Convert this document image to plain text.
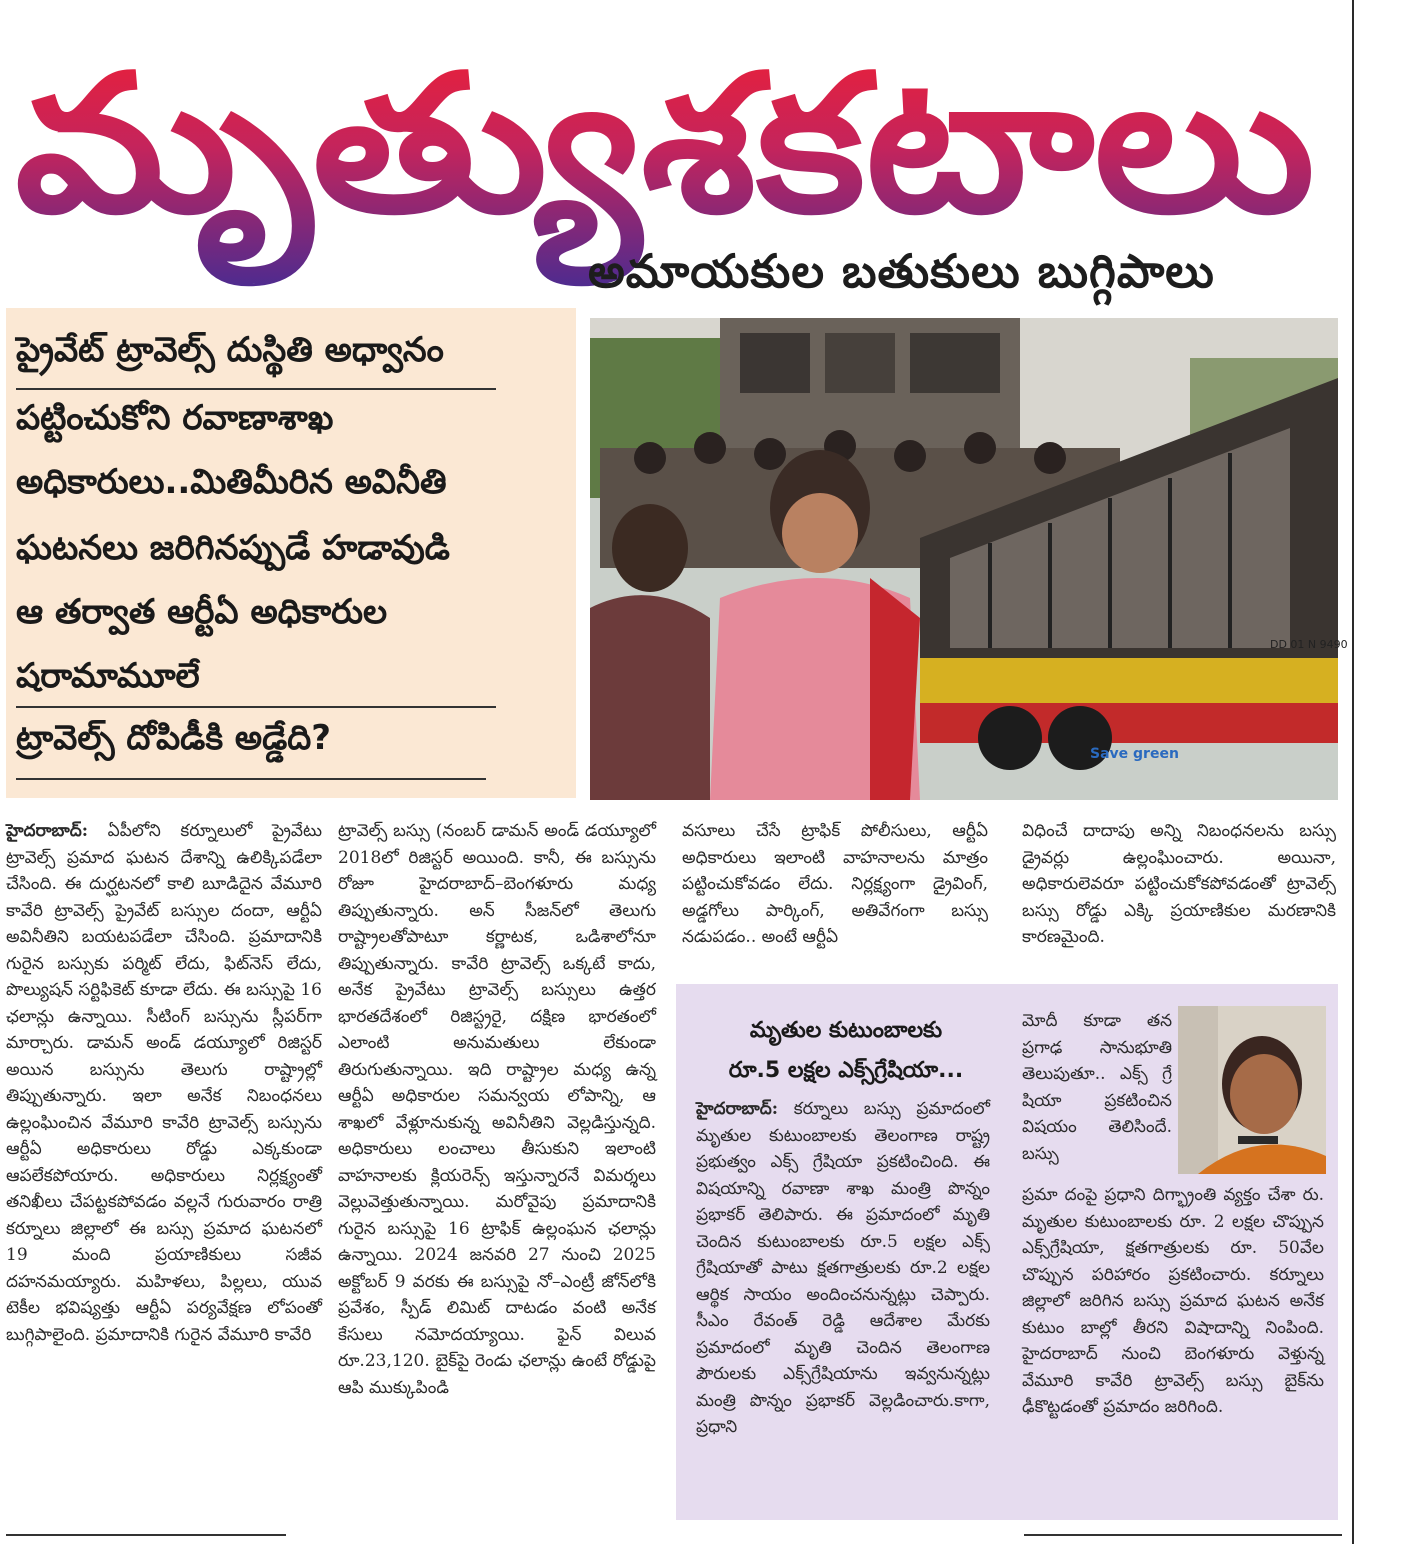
మృత్యుశకటాలు
అమాయకుల బతుకులు బుగ్గిపాలు
ప్రైవేట్ ట్రావెల్స్ దుస్థితి అధ్వానం
పట్టించుకోని రవాణాశాఖ
అధికారులు..మితిమీరిన అవినీతి
ఘటనలు జరిగినప్పుడే హడావుడి
ఆ తర్వాత ఆర్టీఏ అధికారుల
షరామామూలే
ట్రావెల్స్ దోపిడీకి అడ్డేది?	Save green
DD 01 N 9490

హైదరాబాద్: ఏపీలోని కర్నూలులో ప్రైవేటు ట్రావెల్స్ ప్రమాద ఘటన దేశాన్ని ఉలిక్కిపడేలా చేసింది. ఈ దుర్ఘటనలో కాలి బూడిదైన వేమూరి కావేరి ట్రావెల్స్ ప్రైవేట్ బస్సుల దందా, ఆర్టీఏ అవినీతిని బయటపడేలా చేసింది. ప్రమాదానికి గురైన బస్సుకు పర్మిట్ లేదు, ఫిట్‌నెస్ లేదు, పొల్యుషన్ సర్టిఫికెట్ కూడా లేదు. ఈ బస్సుపై 16 ఛలాన్లు ఉన్నాయి. సీటింగ్ బస్సును స్లీపర్‌గా మార్చారు. డామన్ అండ్ డయ్యూలో రిజిస్టర్ అయిన బస్సును తెలుగు రాష్ట్రాల్లో తిప్పుతున్నారు. ఇలా అనేక నిబంధనలు ఉల్లంఘించిన వేమూరి కావేరి ట్రావెల్స్ బస్సును ఆర్టీఏ అధికారులు రోడ్డు ఎక్కకుండా ఆపలేకపోయారు. అధికారులు నిర్లక్ష్యంతో తనిఖీలు చేపట్టకపోవడం వల్లనే గురువారం రాత్రి కర్నూలు జిల్లాలో ఈ బస్సు ప్రమాద ఘటనలో 19 మంది ప్రయాణికులు సజీవ దహనమయ్యారు. మహిళలు, పిల్లలు, యువ టెకీల భవిష్యత్తు ఆర్టీఏ పర్యవేక్షణ లోపంతో బుగ్గిపాలైంది. ప్రమాదానికి గురైన వేమూరి కావేరి

ట్రావెల్స్ బస్సు (నంబర్ డామన్ అండ్ డయ్యూలో 2018లో రిజిస్టర్ అయింది. కానీ, ఈ బస్సును రోజూ హైదరాబాద్–బెంగళూరు మధ్య తిప్పుతున్నారు. అన్ సీజన్‌లో తెలుగు రాష్ట్రాలతోపాటూ కర్ణాటక, ఒడిశాలోనూ తిప్పుతున్నారు. కావేరి ట్రావెల్స్ ఒక్కటే కాదు, అనేక ప్రైవేటు ట్రావెల్స్ బస్సులు ఉత్తర భారతదేశంలో రిజిస్ట్రరై, దక్షిణ భారతంలో ఎలాంటి అనుమతులు లేకుండా తిరుగుతున్నాయి. ఇది రాష్ట్రాల మధ్య ఉన్న ఆర్టీఏ అధికారుల సమన్వయ లోపాన్ని, ఆ శాఖలో వేళ్లూనుకున్న అవినీతిని వెల్లడిస్తున్నది. అధికారులు లంచాలు తీసుకుని ఇలాంటి వాహనాలకు క్లియరెన్స్ ఇస్తున్నారనే విమర్శలు వెల్లువెత్తుతున్నాయి. మరోవైపు ప్రమాదానికి గురైన బస్సుపై 16 ట్రాఫిక్ ఉల్లంఘన ఛలాన్లు ఉన్నాయి. 2024 జనవరి 27 నుంచి 2025 అక్టోబర్ 9 వరకు ఈ బస్సుపై నో–ఎంట్రీ జోన్‌లోకి ప్రవేశం, స్పీడ్ లిమిట్ దాటడం వంటి అనేక కేసులు నమోదయ్యాయి. ఫైన్ విలువ రూ.23,120. బైక్‌పై రెండు ఛలాన్లు ఉంటే రోడ్డుపై ఆపి ముక్కుపిండి

వసూలు చేసే ట్రాఫిక్ పోలీసులు, ఆర్టీఏ అధికారులు ఇలాంటి వాహనాలను మాత్రం పట్టించుకోవడం లేదు. నిర్లక్ష్యంగా డ్రైవింగ్, అడ్డగోలు పార్కింగ్, అతివేగంగా బస్సు నడుపడం.. అంటే ఆర్టీఏ

విధించే దాదాపు అన్ని నిబంధనలను బస్సు డ్రైవర్లు ఉల్లంఘించారు. అయినా, అధికారులెవరూ పట్టించుకోకపోవడంతో ట్రావెల్స్ బస్సు రోడ్డు ఎక్కి ప్రయాణికుల మరణానికి కారణమైంది.

మృతుల కుటుంబాలకు
రూ.5 లక్షల ఎక్స్‌గ్రేషియా...

హైదరాబాద్: కర్నూలు బస్సు ప్రమాదంలో మృతుల కుటుంబాలకు తెలంగాణ రాష్ట్ర ప్రభుత్వం ఎక్స్ గ్రేషియా ప్రకటించింది. ఈ విషయాన్ని రవాణా శాఖ మంత్రి పొన్నం ప్రభాకర్ తెలిపారు. ఈ ప్రమాదంలో మృతి చెందిన కుటుంబాలకు రూ.5 లక్షల ఎక్స్ గ్రేషియాతో పాటు క్షతగాత్రులకు రూ.2 లక్షల ఆర్థిక సాయం అందించనున్నట్లు చెప్పారు. సీఎం రేవంత్ రెడ్డి ఆదేశాల మేరకు ప్రమాదంలో మృతి చెందిన తెలంగాణ పౌరులకు ఎక్స్‌గ్రేషియాను ఇవ్వనున్నట్లు మంత్రి పొన్నం ప్రభాకర్ వెల్లడించారు.కాగా, ప్రధాని

మోదీ కూడా తన ప్రగాఢ సానుభూతి తెలుపుతూ.. ఎక్స్ గ్రే షియా ప్రకటించిన విషయం తెలిసిందే. బస్సు

ప్రమా దంపై ప్రధాని దిగ్భ్రాంతి వ్యక్తం చేశా రు. మృతుల కుటుంబాలకు రూ. 2 లక్షల చొప్పున ఎక్స్‌గ్రేషియా, క్షతగాత్రులకు రూ. 50వేల చొప్పున పరిహారం ప్రకటించారు. కర్నూలు జిల్లాలో జరిగిన బస్సు ప్రమాద ఘటన అనేక కుటుం బాల్లో తీరని విషాదాన్ని నింపింది. హైదరాబాద్ నుంచి బెంగళూరు వెళ్తున్న వేమూరి కావేరి ట్రావెల్స్ బస్సు బైక్‌ను ఢీకొట్టడంతో ప్రమాదం జరిగింది.
